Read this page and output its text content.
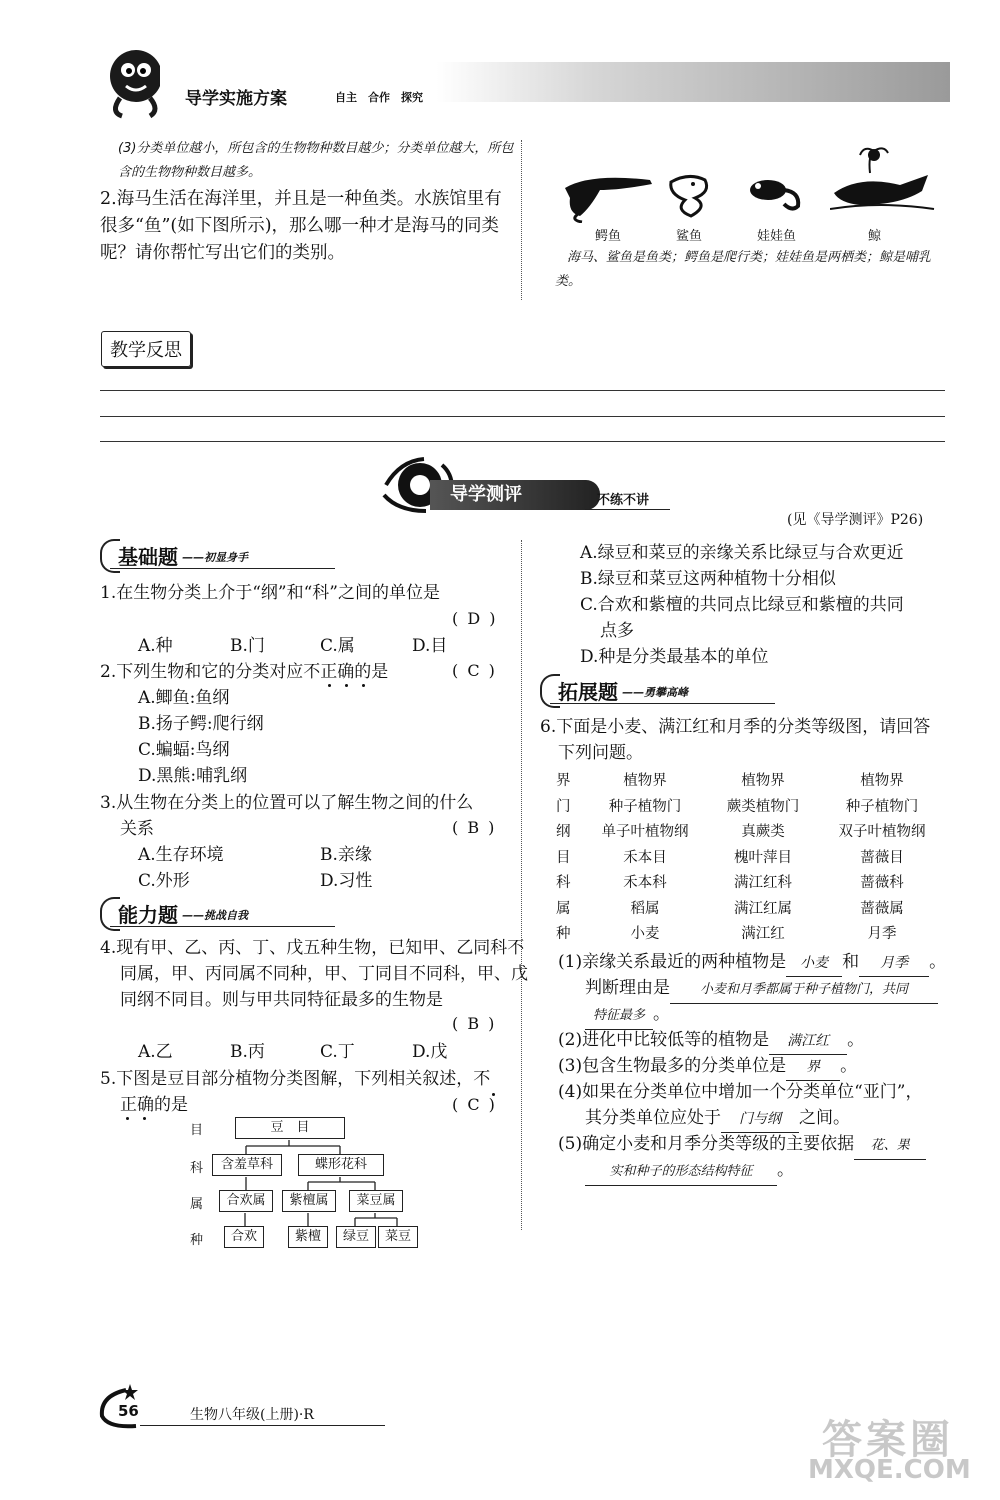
导学实施方案	自主　合作　探究
(3)分类单位越小，所包含的生物物种数目越少；分类单位越大，所包含的生物物种数目越多。
2.海马生活在海洋里，并且是一种鱼类。水族馆里有很多“鱼”(如下图所示)，那么哪一种才是海马的同类呢？请你帮忙写出它们的类别。
鳄鱼	鲨鱼	娃娃鱼	鲸
海马、鲨鱼是鱼类；鳄鱼是爬行类；娃娃鱼是两栖类；鲸是哺乳类。
教学反思
导学测评	不练不讲
(见《导学测评》P26)
基础题 ——初显身手
1.在生物分类上介于“纲”和“科”之间的单位是
( D )
A.种	B.门	C.属	D.目
2.下列生物和它的分类对应不正确的是	( C )
A.鲫鱼:鱼纲
B.扬子鳄:爬行纲
C.蝙蝠:鸟纲
D.黑熊:哺乳纲
3.从生物在分类上的位置可以了解生物之间的什么
关系	( B )
A.生存环境	B.亲缘
C.外形	D.习性
能力题 ——挑战自我
4.现有甲、乙、丙、丁、戊五种生物，已知甲、乙同科不
同属，甲、丙同属不同种，甲、丁同目不同科，甲、戊
同纲不同目。则与甲共同特征最多的生物是
( B )
A.乙	B.丙	C.丁	D.戊
5.下图是豆目部分植物分类图解，下列相关叙述，不
正确的是	( C )
目
科
属
种
豆　目
含羞草科	蝶形花科
合欢属	紫檀属	菜豆属
合欢	紫檀	绿豆	菜豆
A.绿豆和菜豆的亲缘关系比绿豆与合欢更近
B.绿豆和菜豆这两种植物十分相似
C.合欢和紫檀的共同点比绿豆和紫檀的共同
点多
D.种是分类最基本的单位
拓展题 ——勇攀高峰
6.下面是小麦、满江红和月季的分类等级图，请回答
下列问题。
界	植物界	植物界	植物界
门	种子植物门	蕨类植物门	种子植物门
纲	单子叶植物纲	真蕨类	双子叶植物纲
目	禾本目	槐叶萍目	蔷薇目
科	禾本科	满江红科	蔷薇科
属	稻属	满江红属	蔷薇属
种	小麦	满江红	月季
(1)亲缘关系最近的两种植物是 小麦 和 月季 。
判断理由是 小麦和月季都属于种子植物门，共同
特征最多 。
(2)进化中比较低等的植物是 满江红 。
(3)包含生物最多的分类单位是 界 。
(4)如果在分类单位中增加一个分类单位“亚门”，
其分类单位应处于 门与纲 之间。
(5)确定小麦和月季分类等级的主要依据 花、果
实和种子的形态结构特征 。
56	生物八年级(上册)·R
答案圈
MXQE.COM
